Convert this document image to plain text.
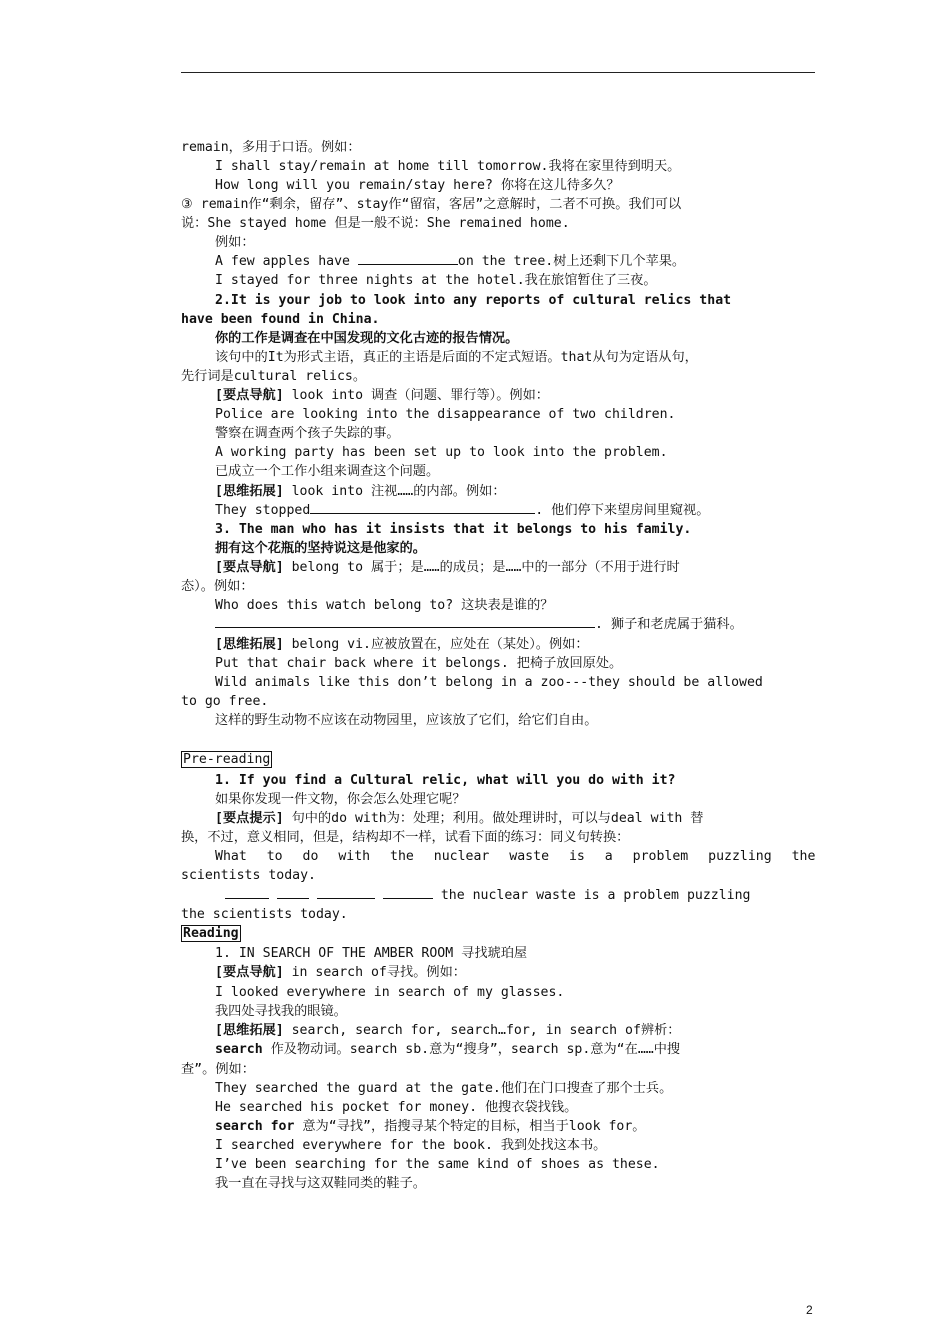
remain，多用于口语。例如：
I shall stay/remain at home till tomorrow.我将在家里待到明天。
How long will you remain/stay here? 你将在这儿待多久？
③ remain作“剩余，留存”、stay作“留宿，客居”之意解时，二者不可换。我们可以
说：She stayed home 但是一般不说：She remained home.
例如：
A few apples have	on the tree.树上还剩下几个苹果。
I stayed for three nights at the hotel.我在旅馆暂住了三夜。
2.It is your job to look into any reports of cultural relics that
have been found in China.
你的工作是调查在中国发现的文化古迹的报告情况。
该句中的It为形式主语，真正的主语是后面的不定式短语。that从句为定语从句，
先行词是cultural relics。
[要点导航] look into 调查（问题、罪行等）。例如：
Police are looking into the disappearance of two children.
警察在调查两个孩子失踪的事。
A working party has been set up to look into the problem.
已成立一个工作小组来调查这个问题。
[思维拓展] look into 注视……的内部。例如：
They stopped	. 他们停下来望房间里窥视。
3. The man who has it insists that it belongs to his family.
拥有这个花瓶的坚持说这是他家的。
[要点导航] belong to 属于；是……的成员；是……中的一部分（不用于进行时
态）。例如：
Who does this watch belong to? 这块表是谁的？
. 狮子和老虎属于猫科。
[思维拓展] belong vi.应被放置在，应处在（某处）。例如：
Put that chair back where it belongs. 把椅子放回原处。
Wild animals like this don’t belong in a zoo---they should be allowed
to go free.
这样的野生动物不应该在动物园里，应该放了它们，给它们自由。
Pre-reading
1. If you find a Cultural relic, what will you do with it?
如果你发现一件文物，你会怎么处理它呢？
[要点提示] 句中的do with为：处理；利用。做处理讲时，可以与deal with 替
换，不过，意义相同，但是，结构却不一样，试看下面的练习：同义句转换：
What to do with the nuclear waste is a problem puzzling the
scientists today.
the nuclear waste is a problem puzzling
the scientists today.
Reading
1. IN SEARCH OF THE AMBER ROOM 寻找琥珀屋
[要点导航] in search of寻找。例如：
I looked everywhere in search of my glasses.
我四处寻找我的眼镜。
[思维拓展] search, search for, search…for, in search of辨析：
search 作及物动词。search sb.意为“搜身”，search sp.意为“在……中搜
查”。例如：
They searched the guard at the gate.他们在门口搜查了那个士兵。
He searched his pocket for money. 他搜衣袋找钱。
search for 意为“寻找”，指搜寻某个特定的目标，相当于look for。
I searched everywhere for the book. 我到处找这本书。
I’ve been searching for the same kind of shoes as these.
我一直在寻找与这双鞋同类的鞋子。
2
